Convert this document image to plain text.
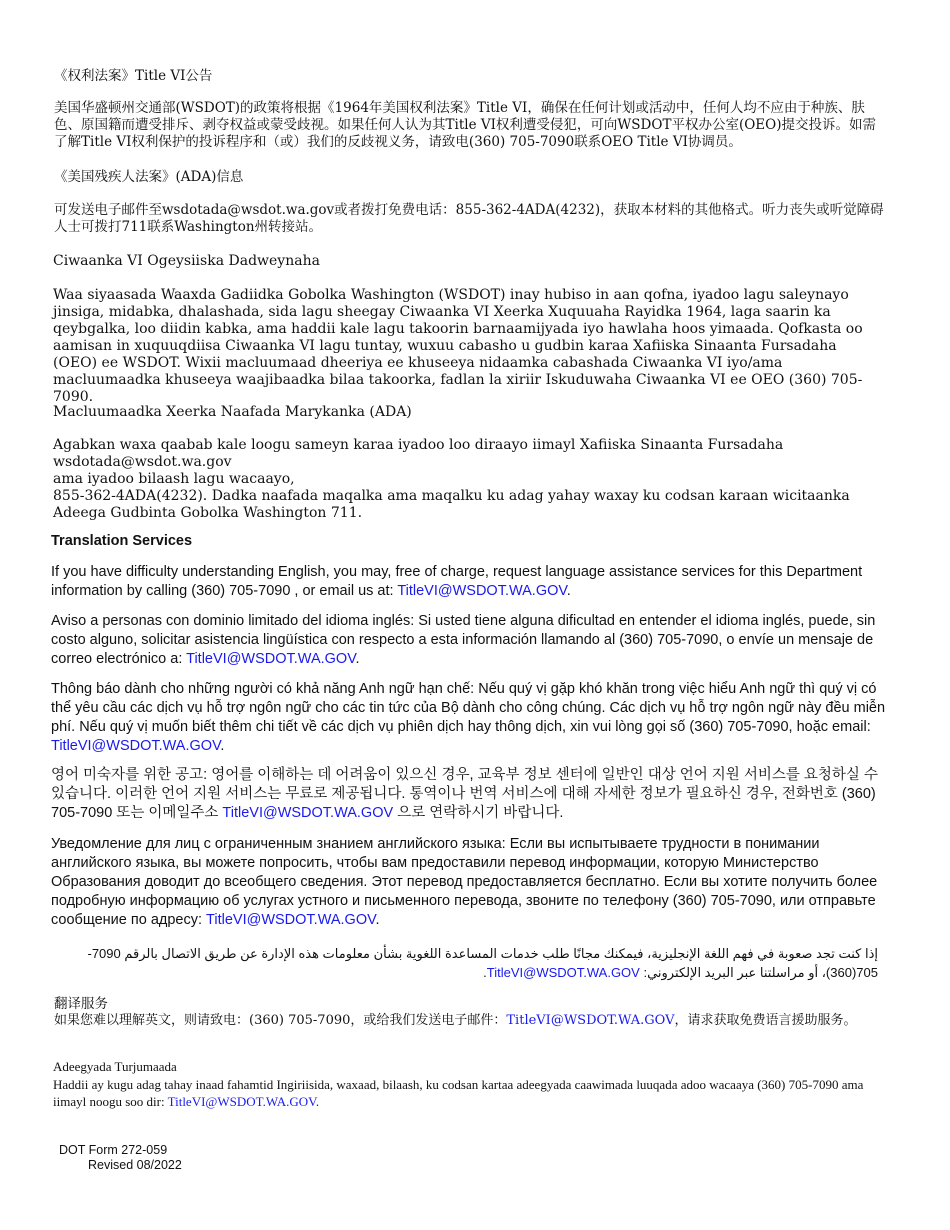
《权利法案》Title VI公告

美国华盛顿州交通部(WSDOT)的政策将根据《1964年美国权利法案》Title VI，确保在任何计划或活动中，任何人均不应由于种族、肤色、原国籍而遭受排斥、剥夺权益或蒙受歧视。如果任何人认为其Title VI权利遭受侵犯，可向WSDOT平权办公室(OEO)提交投诉。如需了解Title VI权利保护的投诉程序和（或）我们的反歧视义务，请致电(360) 705-7090联系OEO Title VI协调员。

《美国残疾人法案》(ADA)信息

可发送电子邮件至wsdotada@wsdot.wa.gov或者拨打免费电话：855-362-4ADA(4232)，获取本材料的其他格式。听力丧失或听觉障碍人士可拨打711联系Washington州转接站。

Ciwaanka VI Ogeysiiska Dadweynaha

Waa siyaasada Waaxda Gadiidka Gobolka Washington (WSDOT) inay hubiso in aan qofna, iyadoo lagu saleynayo jinsiga, midabka, dhalashada, sida lagu sheegay Ciwaanka VI Xeerka Xuquuaha Rayidka 1964, laga saarin ka qeybgalka, loo diidin kabka, ama haddii kale lagu takoorin barnaamijyada iyo hawlaha hoos yimaada. Qofkasta oo aamisan in xuquuqdiisa Ciwaanka VI lagu tuntay, wuxuu cabasho u gudbin karaa Xafiiska Sinaanta Fursadaha (OEO) ee WSDOT. Wixii macluumaad dheeriya ee khuseeya nidaamka cabashada Ciwaanka VI iyo/ama macluumaadka khuseeya waajibaadka bilaa takoorka, fadlan la xiriir Iskuduwaha Ciwaanka VI ee OEO (360) 705-7090.

Macluumaadka Xeerka Naafada Marykanka (ADA)

Agabkan waxa qaabab kale loogu sameyn karaa iyadoo loo diraayo iimayl Xafiiska Sinaanta Fursadaha wsdotada@wsdot.wa.gov
ama iyadoo bilaash lagu wacaayo,
855-362-4ADA(4232). Dadka naafada maqalka ama maqalku ku adag yahay waxay ku codsan karaan wicitaanka Adeega Gudbinta Gobolka Washington 711.

Translation Services

If you have difficulty understanding English, you may, free of charge, request language assistance services for this Department information by calling (360) 705-7090 , or email us at: TitleVI@WSDOT.WA.GOV.

Aviso a personas con dominio limitado del idioma inglés: Si usted tiene alguna dificultad en entender el idioma inglés, puede, sin costo alguno, solicitar asistencia lingüística con respecto a esta información llamando al (360) 705-7090, o envíe un mensaje de correo electrónico a: TitleVI@WSDOT.WA.GOV.

Thông báo dành cho những người có khả năng Anh ngữ hạn chế: Nếu quý vị gặp khó khăn trong việc hiểu Anh ngữ thì quý vị có thể yêu cầu các dịch vụ hỗ trợ ngôn ngữ cho các tin tức của Bộ dành cho công chúng. Các dịch vụ hỗ trợ ngôn ngữ này đều miễn phí. Nếu quý vị muốn biết thêm chi tiết về các dịch vụ phiên dịch hay thông dịch, xin vui lòng gọi số (360) 705-7090, hoặc email: TitleVI@WSDOT.WA.GOV.

영어 미숙자를 위한 공고: 영어를 이해하는 데 어려움이 있으신 경우, 교육부 정보 센터에 일반인 대상 언어 지원 서비스를 요청하실 수 있습니다. 이러한 언어 지원 서비스는 무료로 제공됩니다. 통역이나 번역 서비스에 대해 자세한 정보가 필요하신 경우, 전화번호 (360) 705-7090 또는 이메일주소 TitleVI@WSDOT.WA.GOV 으로 연락하시기 바랍니다.

Уведомление для лиц с ограниченным знанием английского языка: Если вы испытываете трудности в понимании английского языка, вы можете попросить, чтобы вам предоставили перевод информации, которую Министерство Образования доводит до всеобщего сведения. Этот перевод предоставляется бесплатно. Если вы хотите получить более подробную информацию об услугах устного и письменного перевода, звоните по телефону (360) 705-7090, или отправьте сообщение по адресу: TitleVI@WSDOT.WA.GOV.

إذا كنت تجد صعوبة في فهم اللغة الإنجليزية، فيمكنك مجانًا طلب خدمات المساعدة اللغوية بشأن معلومات هذه الإدارة عن طريق الاتصال بالرقم 7090-705(360)، أو مراسلتنا عبر البريد الإلكتروني: TitleVI@WSDOT.WA.GOV.

翻译服务

如果您难以理解英文，则请致电：(360) 705-7090，或给我们发送电子邮件：TitleVI@WSDOT.WA.GOV，请求获取免费语言援助服务。

Adeegyada Turjumaada

Haddii ay kugu adag tahay inaad fahamtid Ingiriisida, waxaad, bilaash, ku codsan kartaa adeegyada caawimada luuqada adoo wacaaya (360) 705-7090 ama iimayl noogu soo dir: TitleVI@WSDOT.WA.GOV.

DOT Form 272-059

Revised 08/2022
